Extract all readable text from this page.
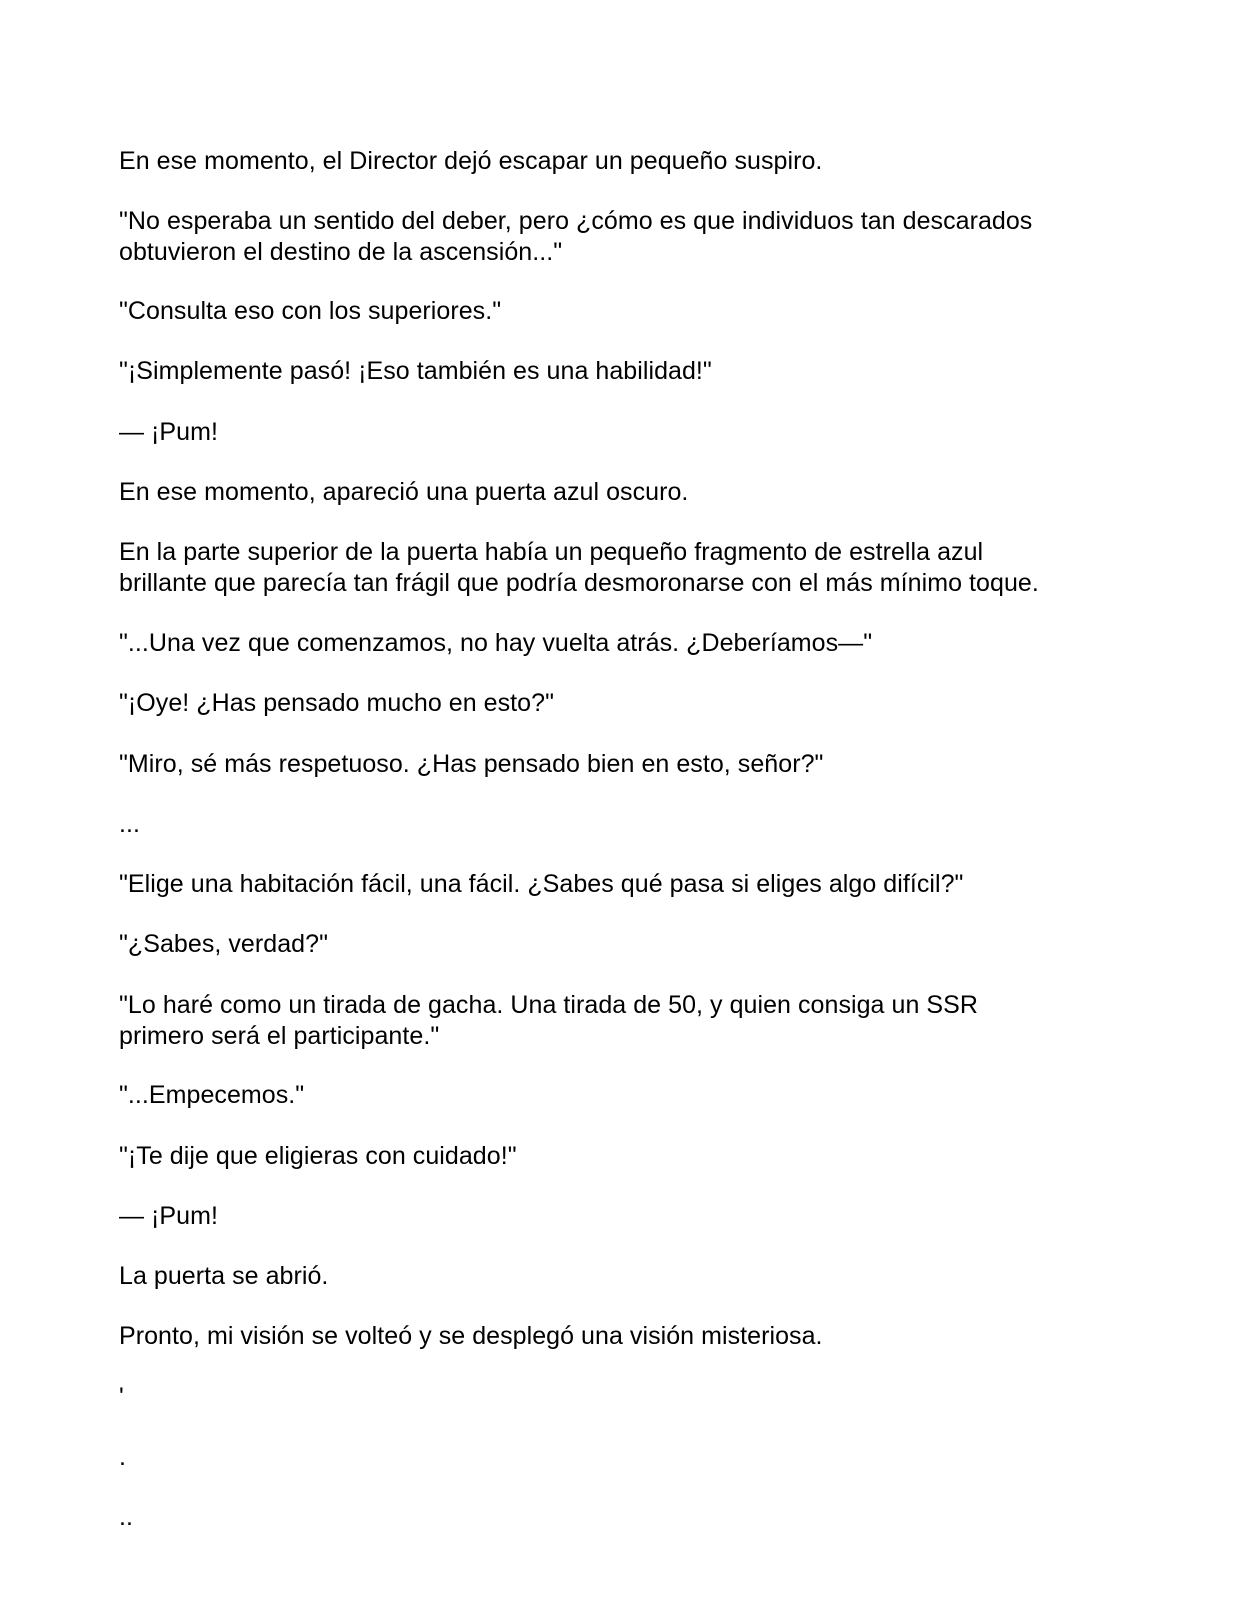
En ese momento, el Director dejó escapar un pequeño suspiro.

"No esperaba un sentido del deber, pero ¿cómo es que individuos tan descarados
obtuvieron el destino de la ascensión..."

"Consulta eso con los superiores."

"¡Simplemente pasó! ¡Eso también es una habilidad!"

— ¡Pum!

En ese momento, apareció una puerta azul oscuro.

En la parte superior de la puerta había un pequeño fragmento de estrella azul
brillante que parecía tan frágil que podría desmoronarse con el más mínimo toque.

"...Una vez que comenzamos, no hay vuelta atrás. ¿Deberíamos—"

"¡Oye! ¿Has pensado mucho en esto?"

"Miro, sé más respetuoso. ¿Has pensado bien en esto, señor?"

...

"Elige una habitación fácil, una fácil. ¿Sabes qué pasa si eliges algo difícil?"

"¿Sabes, verdad?"

"Lo haré como un tirada de gacha. Una tirada de 50, y quien consiga un SSR
primero será el participante."

"...Empecemos."

"¡Te dije que eligieras con cuidado!"

— ¡Pum!

La puerta se abrió.

Pronto, mi visión se volteó y se desplegó una visión misteriosa.

'

.

..
